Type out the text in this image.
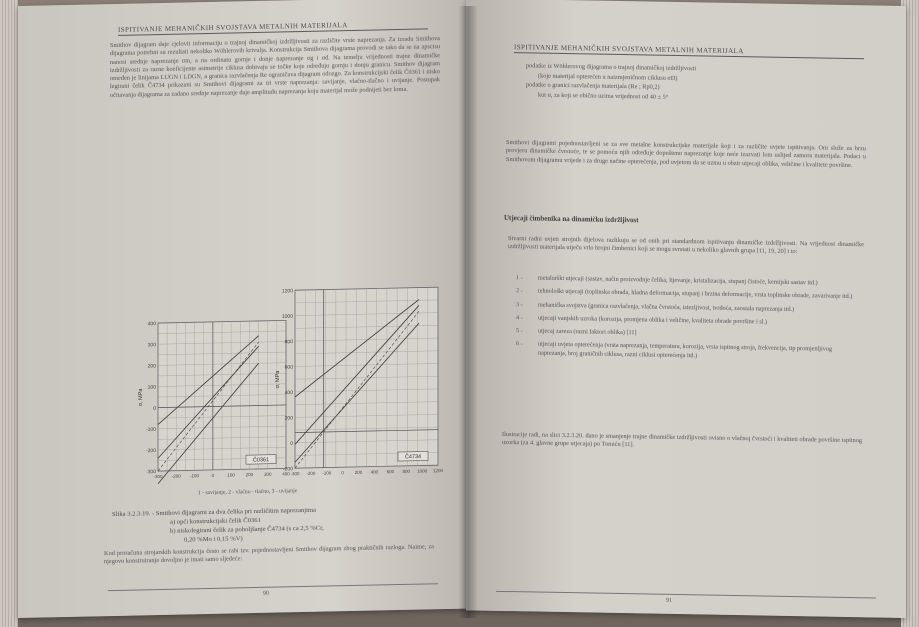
ISPITIVANJE MEHANIČKIH SVOJSTAVA METALNIH MATERIJALA
Smithov dijagram daje cjelovit informaciju o trajnoj dinamičkoj izdržljivosti za različite vrste naprezanja. Za izradu Smithova dijagrama potrebni su rezultati nekoliko Wöhlerovih krivulja. Konstrukcija Smithova dijagrama provodi se tako da se na apscisu nanosi srednje naprezanje σm, a na ordinatu gornje i donje naprezanje σg i σd. Na temelju vrijednosti trajne dinamičke izdržljivosti za razne koeficijente asimetrije ciklusa dobivaju se točke koje određuju gornju i donju granicu. Smithov dijagram omeđen je linijama LUGN i LDGN, a granica razvlačenja Re ograničava dijagram odozgo. Za konstrukcijski čelik Č0361 i nisko legirani čelik Č4734 prikazani su Smithovi dijagrami za tri vrste naprezanja: savijanje, vlačno-tlačno i uvijanje. Postupak očitavanja dijagrama za zadano srednje naprezanje daje amplitudu naprezanja koju materijal može podnijeti bez loma.
400
300
200
100
0
-100
-200
-300
-300 -200 -100	0	100 200 300 400
σ, MPa
Č0361
1200
1000
800
600
400
200
0
-200
-300 -200 -100 0 200 400 600 800 1000 1200
σ, MPa
Č4734
1 - savijanje, 2 - vlačno - tlačno, 3 - uvijanje
Slika 3.2.3.19. - Smithovi dijagrami za dva čelika pri različitim naprezanjima
a) opći konstrukcijski čelik Č0361
b) niskolegirani čelik za poboljšanje Č4734 (s ca 2,5 %Cr,
0,20 %Mo i 0,15 %V)
Kod proračuna strojarskih konstrukcija često se rabi tzv. pojednostavljeni Smithov dijagram zbog praktičnih razloga. Naime, za njegovo konstruiranje dovoljno je imati samo sljedeće:
90
ISPITIVANJE MEHANIČKIH SVOJSTAVA METALNIH MATERIJALA
podatke iz Wöhlerovog dijagrama o trajnoj dinamičkoj izdržljivosti
(koje materijal opterećen u naizmjeničnom ciklusu σD)
podatke o granici razvlačenja materijala (Re ; Rp0,2)
kut α, za koji se obično uzima vrijednost od 40 ± 5°
Smithovi dijagrami pojednostavljeni se za sve metalne konstrukcijske materijale koji i za različite uvjete ispitivanja. Oni služe za brzu provjeru dinamičke čvrstoće, te se pomoću njih određuje dopušteno naprezanje koje neće izazvati lom uslijed zamora materijala. Podaci u Smithovom dijagramu vrijede i za druge načine opterećenja, pod uvjetom da se uzmu u obzir utjecaji oblika, veličine i kvalitete površine.
Utjecaji čimbenika na dinamičku izdržljivost
Stvarni radni uvjeti strojnih dijelova razlikuju se od onih pri standardnom ispitivanju dinamičke izdržljivosti. Na vrijednost dinamičke izdržljivosti materijala utječu vrlo brojni čimbenici koji se mogu svrstati u nekoliko glavnih grupa [11, 19, 20] i to:
1 -	metalurški utjecaji (sastav, način proizvodnje čelika, lijevanje, kristalizacija, stupanj čistoće, kemijski sastav itd.)
2 -	tehnološki utjecaji (toplinska obrada, hladna deformacija, stupanj i brzina deformacije, vrsta toplinske obrade, zavarivanje itd.)
3 -	mehanička svojstva (granica razvlačenja, vlačna čvrstoća, istezljivost, tvrdoća, zaostala naprezanja itd.)
4 -	utjecaji vanjskih uzroka (korozija, promjena oblika i veličine, kvaliteta obrade površine i sl.)
5 -	utjecaj zareza (razni faktori oblika) [11]
6 -	utjecaji uvjeta opterećenja (vrsta naprezanja, temperatura, korozija, vrsta ispitnog stroja, frekvencija, tip promjenljivog naprezanja, broj graničnih ciklusa, razni ciklusi opterećenja itd.)
Ilustracije radi, na slici 3.2.3.20. dano je smanjenje trajne dinamičke izdržljivosti ovisno o vlačnoj čvrstoći i kvaliteti obrade površine ispitnog uzorka (za 4. glavne grupe utjecaja) po Tomiću [11].
91
